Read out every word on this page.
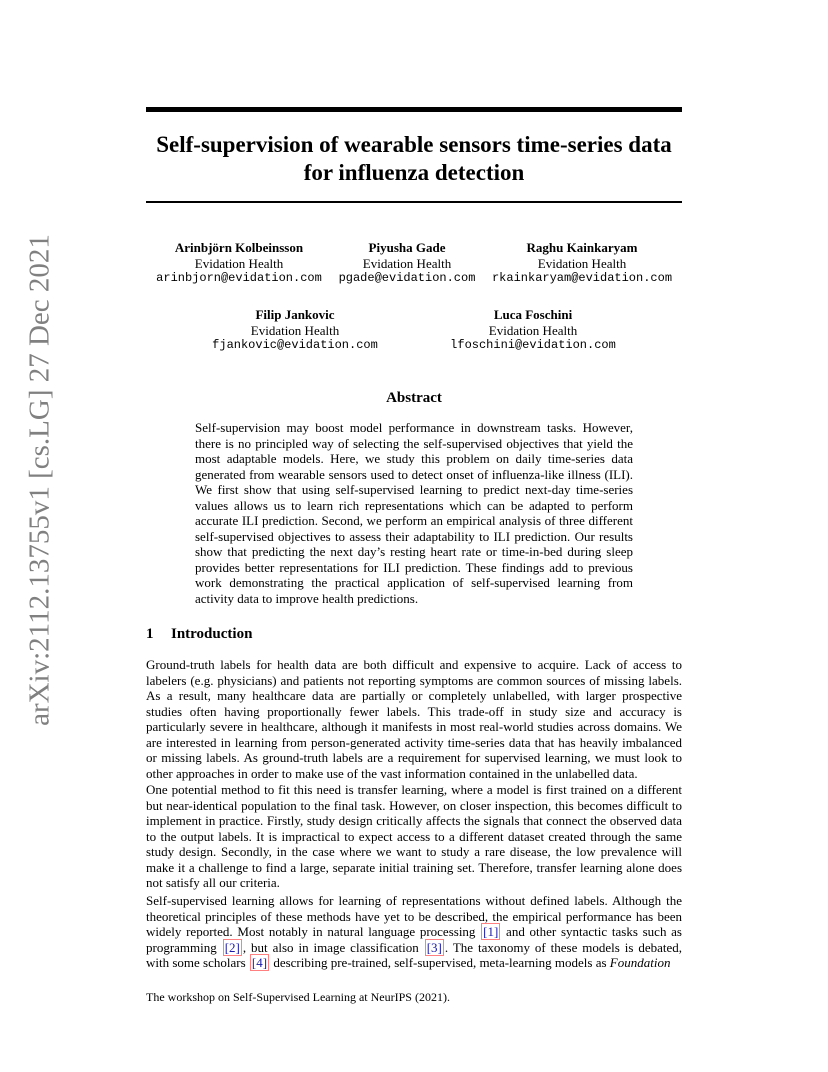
arXiv:2112.13755v1 [cs.LG] 27 Dec 2021
Self-supervision of wearable sensors time-series data
for influenza detection
Arinbjörn Kolbeinsson
Evidation Health
arinbjorn@evidation.com
Piyusha Gade
Evidation Health
pgade@evidation.com
Raghu Kainkaryam
Evidation Health
rkainkaryam@evidation.com
Filip Jankovic
Evidation Health
fjankovic@evidation.com
Luca Foschini
Evidation Health
lfoschini@evidation.com
Abstract

Self-supervision may boost model performance in downstream tasks. However, there is no principled way of selecting the self-supervised objectives that yield the most adaptable models. Here, we study this problem on daily time-series data generated from wearable sensors used to detect onset of influenza-like illness (ILI). We first show that using self-supervised learning to predict next-day time-series values allows us to learn rich representations which can be adapted to perform accurate ILI prediction. Second, we perform an empirical analysis of three different self-supervised objectives to assess their adaptability to ILI prediction. Our results show that predicting the next day’s resting heart rate or time-in-bed during sleep provides better representations for ILI prediction. These findings add to previous work demonstrating the practical application of self-supervised learning from activity data to improve health predictions.

1 Introduction

Ground-truth labels for health data are both difficult and expensive to acquire. Lack of access to labelers (e.g. physicians) and patients not reporting symptoms are common sources of missing labels. As a result, many healthcare data are partially or completely unlabelled, with larger prospective studies often having proportionally fewer labels. This trade-off in study size and accuracy is particularly severe in healthcare, although it manifests in most real-world studies across domains. We are interested in learning from person-generated activity time-series data that has heavily imbalanced or missing labels. As ground-truth labels are a requirement for supervised learning, we must look to other approaches in order to make use of the vast information contained in the unlabelled data.

One potential method to fit this need is transfer learning, where a model is first trained on a different but near-identical population to the final task. However, on closer inspection, this becomes difficult to implement in practice. Firstly, study design critically affects the signals that connect the observed data to the output labels. It is impractical to expect access to a different dataset created through the same study design. Secondly, in the case where we want to study a rare disease, the low prevalence will make it a challenge to find a large, separate initial training set. Therefore, transfer learning alone does not satisfy all our criteria.

Self-supervised learning allows for learning of representations without defined labels. Although the theoretical principles of these methods have yet to be described, the empirical performance has been widely reported. Most notably in natural language processing [1] and other syntactic tasks such as programming [2] , but also in image classification [3] . The taxonomy of these models is debated, with some scholars [4] describing pre-trained, self-supervised, meta-learning models as Foundation

The workshop on Self-Supervised Learning at NeurIPS (2021).
